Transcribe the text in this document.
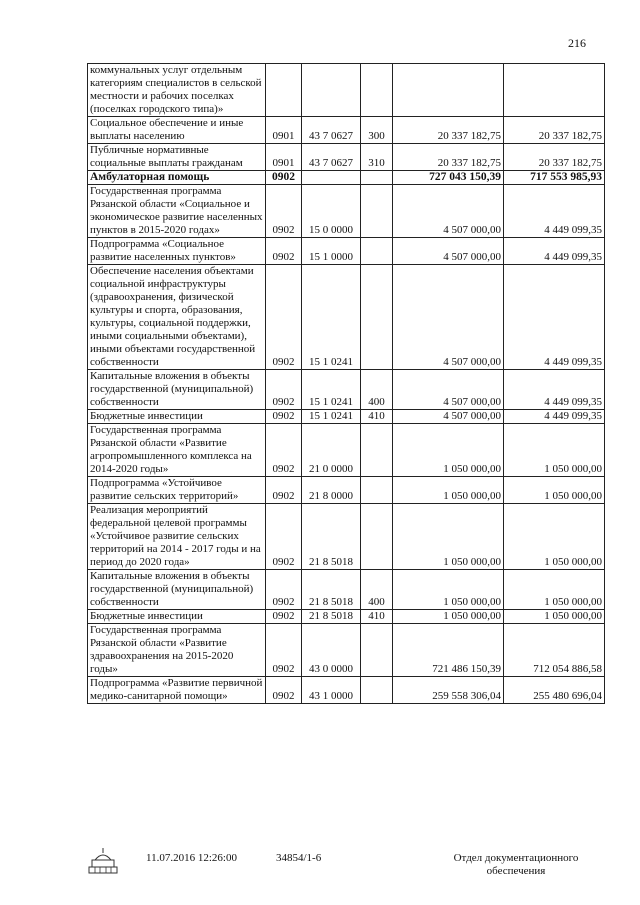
216
коммунальных услуг отдельным категориям специалистов в сельской местности и рабочих поселках (поселках городского типа)»					
Социальное обеспечение и иные выплаты населению	0901	43 7 0627	300	20 337 182,75	20 337 182,75
Публичные нормативные социальные выплаты гражданам	0901	43 7 0627	310	20 337 182,75	20 337 182,75
Амбулаторная помощь	0902			727 043 150,39	717 553 985,93
Государственная программа Рязанской области «Социальное и экономическое развитие населенных пунктов в 2015-2020 годах»	0902	15 0 0000		4 507 000,00	4 449 099,35
Подпрограмма «Социальное развитие населенных пунктов»	0902	15 1 0000		4 507 000,00	4 449 099,35
Обеспечение населения объектами социальной инфраструктуры (здравоохранения, физической культуры и спорта, образования, культуры, социальной поддержки, иными социальными объектами), иными объектами государственной собственности	0902	15 1 0241		4 507 000,00	4 449 099,35
Капитальные вложения в объекты государственной (муниципальной) собственности	0902	15 1 0241	400	4 507 000,00	4 449 099,35
Бюджетные инвестиции	0902	15 1 0241	410	4 507 000,00	4 449 099,35
Государственная программа Рязанской области «Развитие агропромышленного комплекса на 2014-2020 годы»	0902	21 0 0000		1 050 000,00	1 050 000,00
Подпрограмма «Устойчивое развитие сельских территорий»	0902	21 8 0000		1 050 000,00	1 050 000,00
Реализация мероприятий федеральной целевой программы «Устойчивое развитие сельских территорий на 2014 - 2017 годы и на период до 2020 года»	0902	21 8 5018		1 050 000,00	1 050 000,00
Капитальные вложения в объекты государственной (муниципальной) собственности	0902	21 8 5018	400	1 050 000,00	1 050 000,00
Бюджетные инвестиции	0902	21 8 5018	410	1 050 000,00	1 050 000,00
Государственная программа Рязанской области «Развитие здравоохранения на 2015-2020 годы»	0902	43 0 0000		721 486 150,39	712 054 886,58
Подпрограмма «Развитие первичной медико-санитарной помощи»	0902	43 1 0000		259 558 306,04	255 480 696,04
11.07.2016 12:26:00	34854/1-6	Отдел документационного
обеспечения
